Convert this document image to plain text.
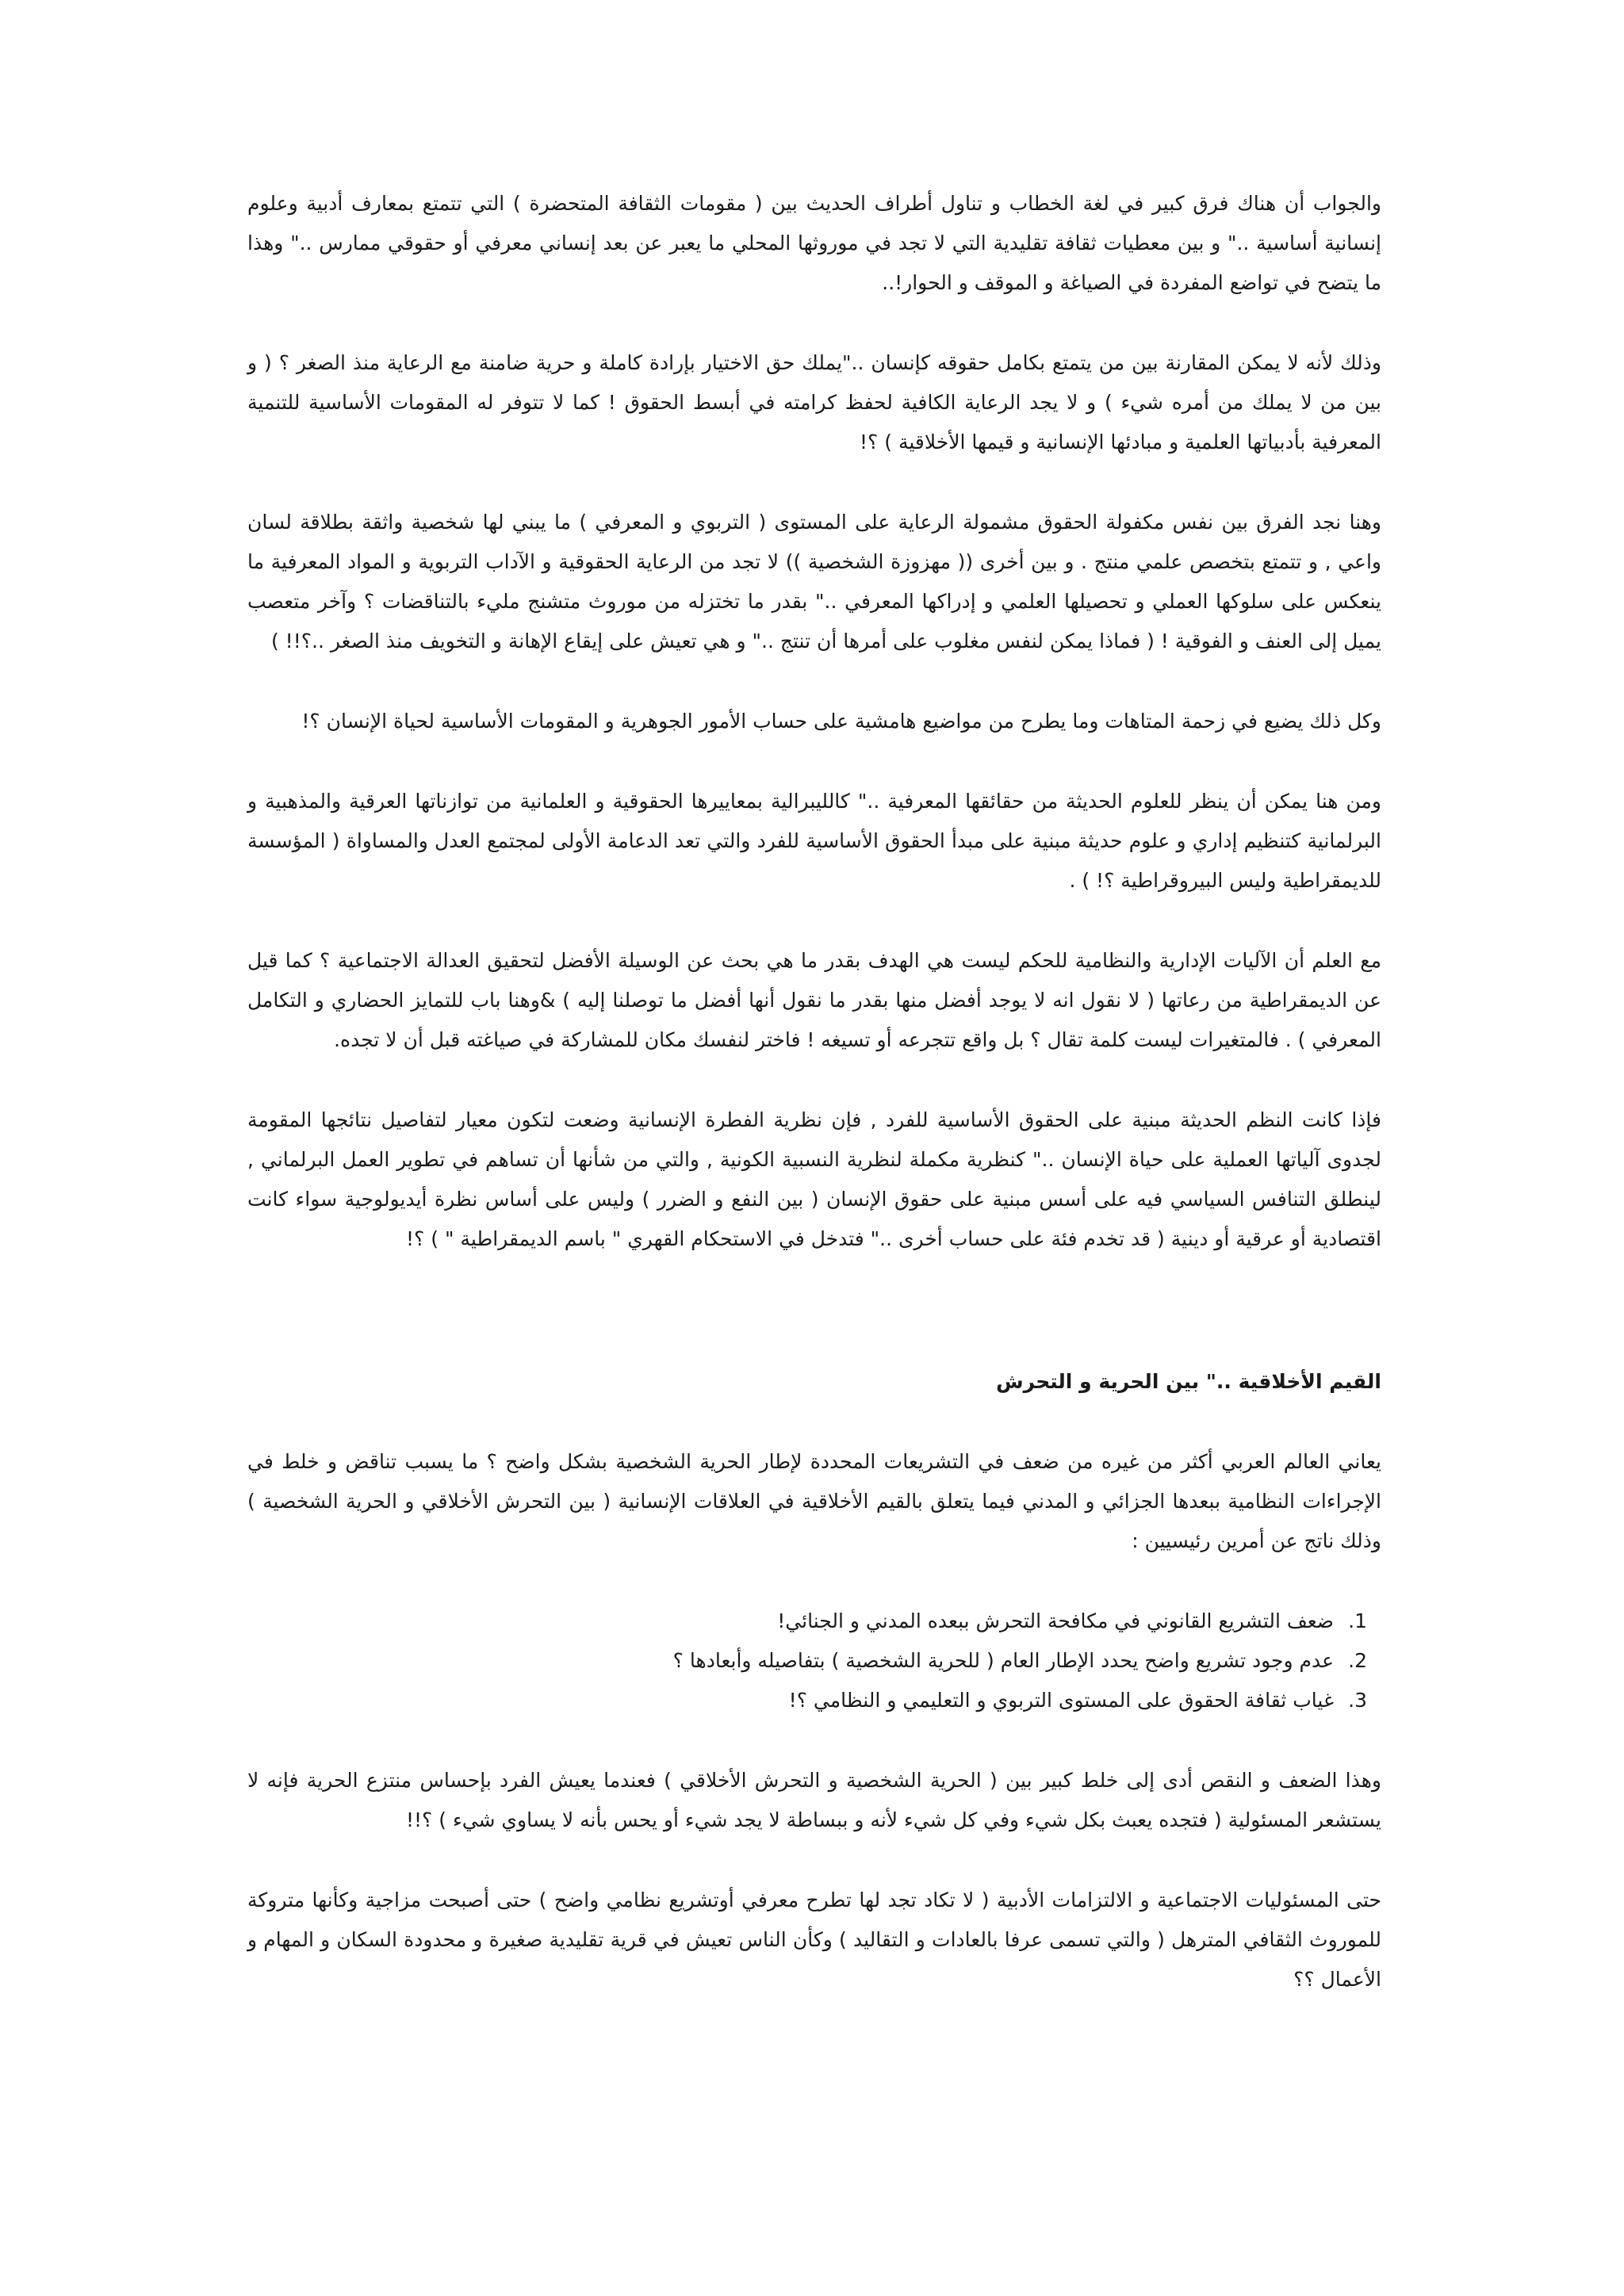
والجواب أن هناك فرق كبير في لغة الخطاب و تناول أطراف الحديث بين ( مقومات الثقافة المتحضرة ) التي تتمتع بمعارف أدبية وعلوم إنسانية أساسية .." و بين معطيات ثقافة تقليدية التي لا تجد في موروثها المحلي ما يعبر عن بعد إنساني معرفي أو حقوقي ممارس .." وهذا ما يتضح في تواضع المفردة في الصياغة و الموقف و الحوار!..

وذلك لأنه لا يمكن المقارنة بين من يتمتع بكامل حقوقه كإنسان .."يملك حق الاختيار بإرادة كاملة و حرية ضامنة مع الرعاية منذ الصغر ؟ ( و بين من لا يملك من أمره شيء ) و لا يجد الرعاية الكافية لحفظ كرامته في أبسط الحقوق ! كما لا تتوفر له المقومات الأساسية للتنمية المعرفية بأدبياتها العلمية و مبادئها الإنسانية و قيمها الأخلاقية ) ؟!

وهنا نجد الفرق بين نفس مكفولة الحقوق مشمولة الرعاية على المستوى ( التربوي و المعرفي ) ما يبني لها شخصية واثقة بطلاقة لسان واعي , و تتمتع بتخصص علمي منتج . و بين أخرى (( مهزوزة الشخصية )) لا تجد من الرعاية الحقوقية و الآداب التربوية و المواد المعرفية ما ينعكس على سلوكها العملي و تحصيلها العلمي و إدراكها المعرفي .." بقدر ما تختزله من موروث متشنج مليء بالتناقضات ؟ وآخر متعصب يميل إلى العنف و الفوقية ! ( فماذا يمكن لنفس مغلوب على أمرها أن تنتج .." و هي تعيش على إيقاع الإهانة و التخويف منذ الصغر ..؟!! )

وكل ذلك يضيع في زحمة المتاهات وما يطرح من مواضيع هامشية على حساب الأمور الجوهرية و المقومات الأساسية لحياة الإنسان ؟!

ومن هنا يمكن أن ينظر للعلوم الحديثة من حقائقها المعرفية .." كالليبرالية بمعاييرها الحقوقية و العلمانية من توازناتها العرقية والمذهبية و البرلمانية كتنظيم إداري و علوم حديثة مبنية على مبدأ الحقوق الأساسية للفرد والتي تعد الدعامة الأولى لمجتمع العدل والمساواة ( المؤسسة للديمقراطية وليس البيروقراطية ؟! ) .

مع العلم أن الآليات الإدارية والنظامية للحكم ليست هي الهدف بقدر ما هي بحث عن الوسيلة الأفضل لتحقيق العدالة الاجتماعية ؟ كما قيل عن الديمقراطية من رعاتها ( لا نقول انه لا يوجد أفضل منها بقدر ما نقول أنها أفضل ما توصلنا إليه ) &وهنا باب للتمايز الحضاري و التكامل المعرفي ) . فالمتغيرات ليست كلمة تقال ؟ بل واقع تتجرعه أو تسيغه ! فاختر لنفسك مكان للمشاركة في صياغته قبل أن لا تجده.

فإذا كانت النظم الحديثة مبنية على الحقوق الأساسية للفرد , فإن نظرية الفطرة الإنسانية وضعت لتكون معيار لتفاصيل نتائجها المقومة لجدوى آلياتها العملية على حياة الإنسان .." كنظرية مكملة لنظرية النسبية الكونية , والتي من شأنها أن تساهم في تطوير العمل البرلماني , لينطلق التنافس السياسي فيه على أسس مبنية على حقوق الإنسان ( بين النفع و الضرر ) وليس على أساس نظرة أيديولوجية سواء كانت اقتصادية أو عرقية أو دينية ( قد تخدم فئة على حساب أخرى .." فتدخل في الاستحكام القهري " باسم الديمقراطية " ) ؟!

القيم الأخلاقية .." بين الحرية و التحرش

يعاني العالم العربي أكثر من غيره من ضعف في التشريعات المحددة لإطار الحرية الشخصية بشكل واضح ؟ ما يسبب تناقض و خلط في الإجراءات النظامية ببعدها الجزائي و المدني فيما يتعلق بالقيم الأخلاقية في العلاقات الإنسانية ( بين التحرش الأخلاقي و الحرية الشخصية ) وذلك ناتج عن أمرين رئيسيين :

1. ضعف التشريع القانوني في مكافحة التحرش ببعده المدني و الجنائي!
2. عدم وجود تشريع واضح يحدد الإطار العام ( للحرية الشخصية ) بتفاصيله وأبعادها ؟
3. غياب ثقافة الحقوق على المستوى التربوي و التعليمي و النظامي ؟!

وهذا الضعف و النقص أدى إلى خلط كبير بين ( الحرية الشخصية و التحرش الأخلاقي ) فعندما يعيش الفرد بإحساس منتزع الحرية فإنه لا يستشعر المسئولية ( فتجده يعبث بكل شيء وفي كل شيء لأنه و ببساطة لا يجد شيء أو يحس بأنه لا يساوي شيء ) ؟!!

حتى المسئوليات الاجتماعية و الالتزامات الأدبية ( لا تكاد تجد لها تطرح معرفي أوتشريع نظامي واضح ) حتى أصبحت مزاجية وكأنها متروكة للموروث الثقافي المترهل ( والتي تسمى عرفا بالعادات و التقاليد ) وكأن الناس تعيش في قرية تقليدية صغيرة و محدودة السكان و المهام و الأعمال ؟؟
